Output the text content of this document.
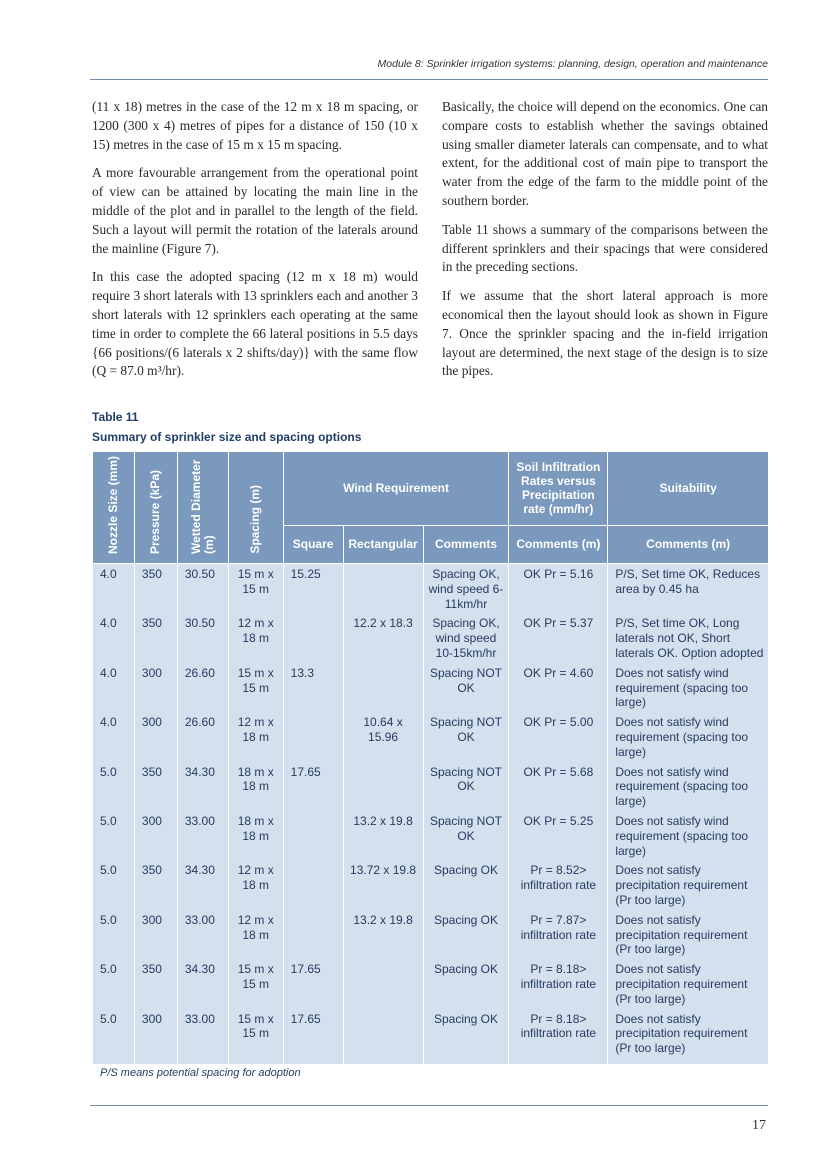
Module 8: Sprinkler irrigation systems: planning, design, operation and maintenance

(11 x 18) metres in the case of the 12 m x 18 m spacing, or 1200 (300 x 4) metres of pipes for a distance of 150 (10 x 15) metres in the case of 15 m x 15 m spacing.

A more favourable arrangement from the operational point of view can be attained by locating the main line in the middle of the plot and in parallel to the length of the field. Such a layout will permit the rotation of the laterals around the mainline (Figure 7).

In this case the adopted spacing (12 m x 18 m) would require 3 short laterals with 13 sprinklers each and another 3 short laterals with 12 sprinklers each operating at the same time in order to complete the 66 lateral positions in 5.5 days {66 positions/(6 laterals x 2 shifts/day)} with the same flow (Q = 87.0 m³/hr).

Basically, the choice will depend on the economics. One can compare costs to establish whether the savings obtained using smaller diameter laterals can compensate, and to what extent, for the additional cost of main pipe to transport the water from the edge of the farm to the middle point of the southern border.

Table 11 shows a summary of the comparisons between the different sprinklers and their spacings that were considered in the preceding sections.

If we assume that the short lateral approach is more economical then the layout should look as shown in Figure 7. Once the sprinkler spacing and the in-field irrigation layout are determined, the next stage of the design is to size the pipes.

Table 11
Summary of sprinkler size and spacing options
Nozzle Size (mm)	Pressure (kPa)	Wetted Diameter (m)	Spacing (m)	Wind Requirement			Soil Infiltration Rates versus Precipitation rate (mm/hr)	Suitability
				Square	Rectangular	Comments	Comments (m)	Comments (m)
4.0	350	30.50	15 m x 15 m	15.25		Spacing OK, wind speed 6-11km/hr	OK Pr = 5.16	P/S, Set time OK, Reduces area by 0.45 ha
4.0	350	30.50	12 m x 18 m		12.2 x 18.3	Spacing OK, wind speed 10-15km/hr	OK Pr = 5.37	P/S, Set time OK, Long laterals not OK, Short laterals OK. Option adopted
4.0	300	26.60	15 m x 15 m	13.3		Spacing NOT OK	OK Pr = 4.60	Does not satisfy wind requirement (spacing too large)
4.0	300	26.60	12 m x 18 m		10.64 x 15.96	Spacing NOT OK	OK Pr = 5.00	Does not satisfy wind requirement (spacing too large)
5.0	350	34.30	18 m x 18 m	17.65		Spacing NOT OK	OK Pr = 5.68	Does not satisfy wind requirement (spacing too large)
5.0	300	33.00	18 m x 18 m		13.2 x 19.8	Spacing NOT OK	OK Pr = 5.25	Does not satisfy wind requirement (spacing too large)
5.0	350	34.30	12 m x 18 m		13.72 x 19.8	Spacing OK	Pr = 8.52> infiltration rate	Does not satisfy precipitation requirement (Pr too large)
5.0	300	33.00	12 m x 18 m		13.2 x 19.8	Spacing OK	Pr = 7.87> infiltration rate	Does not satisfy precipitation requirement (Pr too large)
5.0	350	34.30	15 m x 15 m	17.65		Spacing OK	Pr = 8.18> infiltration rate	Does not satisfy precipitation requirement (Pr too large)
5.0	300	33.00	15 m x 15 m	17.65		Spacing OK	Pr = 8.18> infiltration rate	Does not satisfy precipitation requirement (Pr too large)

P/S means potential spacing for adoption
17
